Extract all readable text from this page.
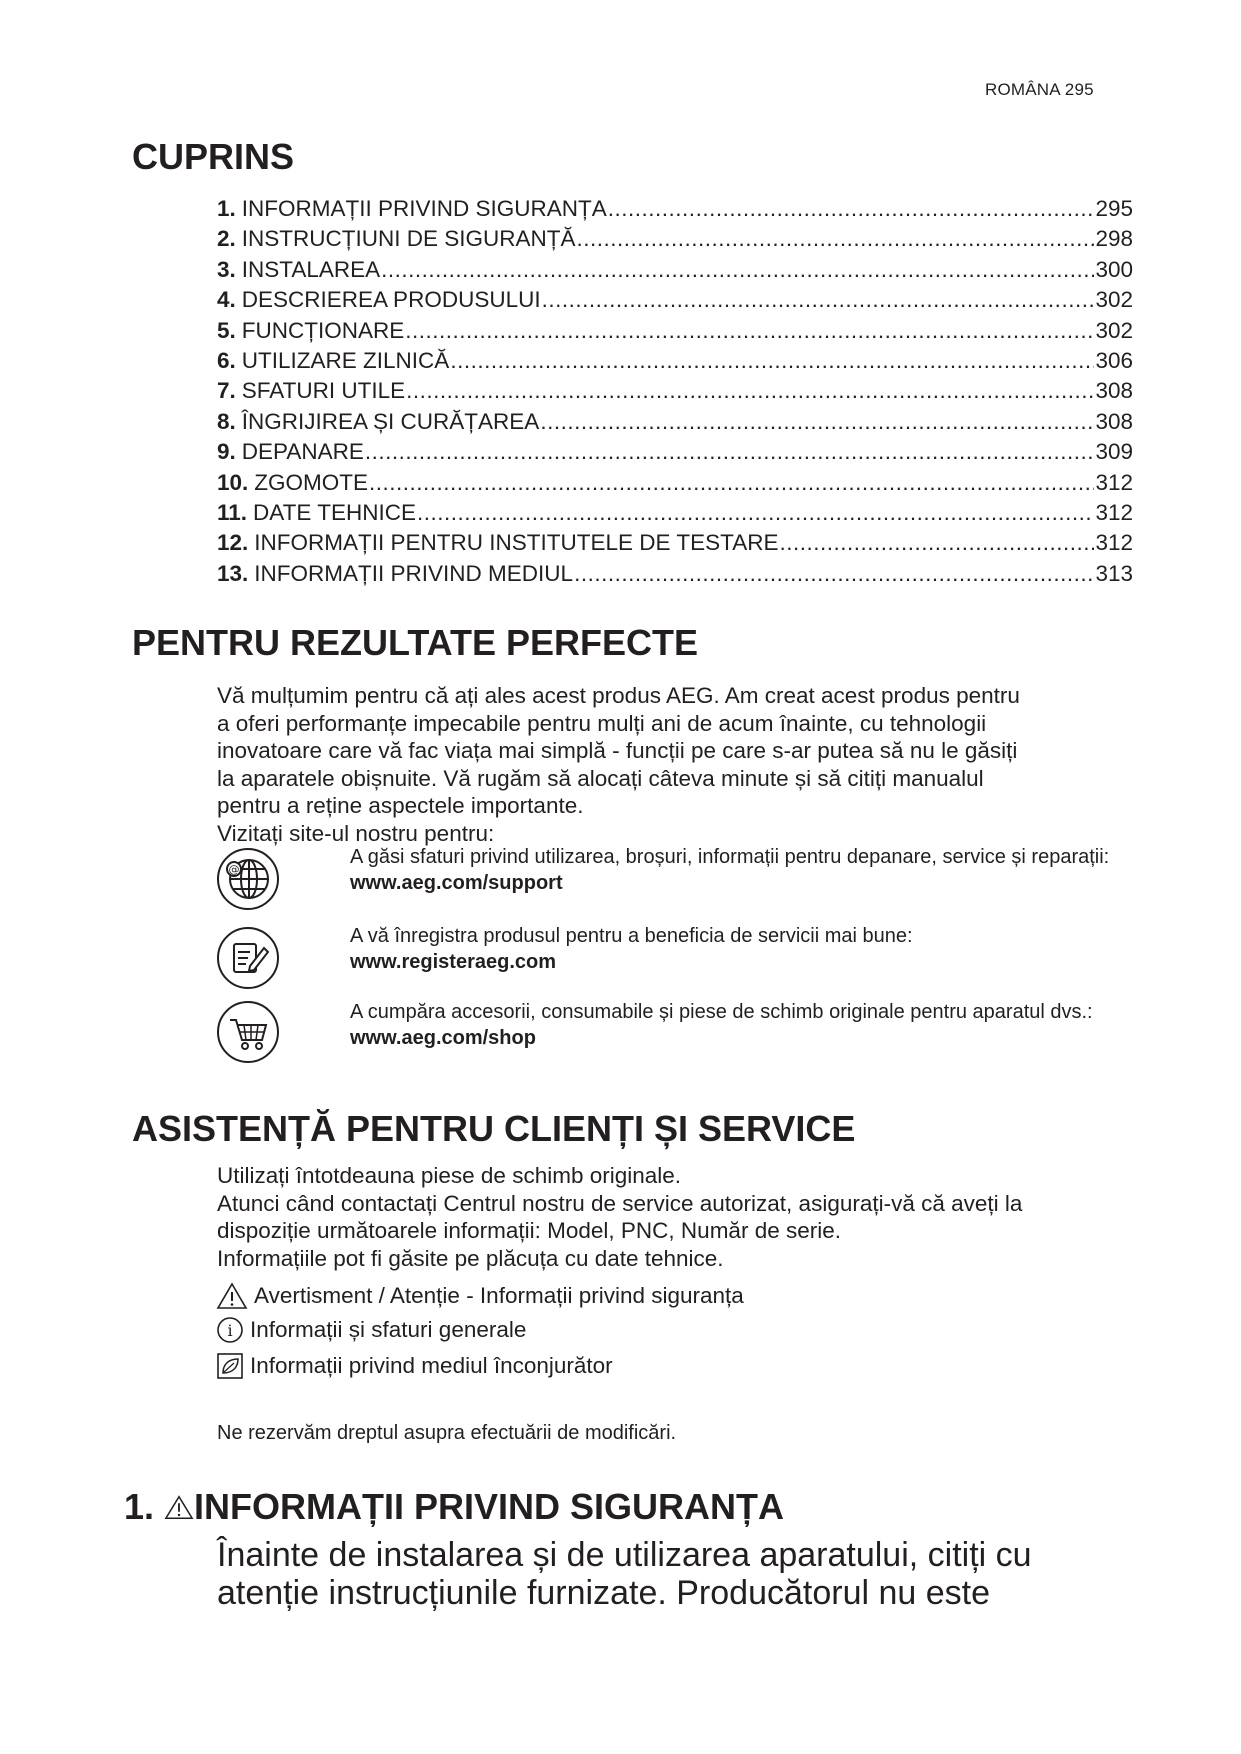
ROMÂNA 295
CUPRINS
1. INFORMAȚII PRIVIND SIGURANȚA .....	295
2. INSTRUCȚIUNI DE SIGURANȚĂ .....	298
3. INSTALAREA .....	300
4. DESCRIEREA PRODUSULUI .....	302
5. FUNCȚIONARE .....	302
6. UTILIZARE ZILNICĂ .....	306
7. SFATURI UTILE .....	308
8. ÎNGRIJIREA ȘI CURĂȚAREA .....	308
9. DEPANARE .....	309
10. ZGOMOTE .....	312
11. DATE TEHNICE .....	312
12. INFORMAȚII PENTRU INSTITUTELE DE TESTARE .....	312
13. INFORMAȚII PRIVIND MEDIUL .....	313
PENTRU REZULTATE PERFECTE
Vă mulțumim pentru că ați ales acest produs AEG. Am creat acest produs pentru
a oferi performanțe impecabile pentru mulți ani de acum înainte, cu tehnologii
inovatoare care vă fac viața mai simplă - funcții pe care s-ar putea să nu le găsiți
la aparatele obișnuite. Vă rugăm să alocați câteva minute și să citiți manualul
pentru a reține aspectele importante.
Vizitați site-ul nostru pentru:
@
A găsi sfaturi privind utilizarea, broșuri, informații pentru depanare, service și reparații:
www.aeg.com/support
A vă înregistra produsul pentru a beneficia de servicii mai bune:
www.registeraeg.com
A cumpăra accesorii, consumabile și piese de schimb originale pentru aparatul dvs.:
www.aeg.com/shop
ASISTENȚĂ PENTRU CLIENȚI ȘI SERVICE
Utilizați întotdeauna piese de schimb originale.
Atunci când contactați Centrul nostru de service autorizat, asigurați-vă că aveți la
dispoziție următoarele informații: Model, PNC, Număr de serie.
Informațiile pot fi găsite pe plăcuța cu date tehnice.
Avertisment / Atenție - Informații privind siguranța
i Informații și sfaturi generale
Informații privind mediul înconjurător
Ne rezervăm dreptul asupra efectuării de modificări.
1. INFORMAȚII PRIVIND SIGURANȚA
Înainte de instalarea și de utilizarea aparatului, citiți cu
atenție instrucțiunile furnizate. Producătorul nu este
